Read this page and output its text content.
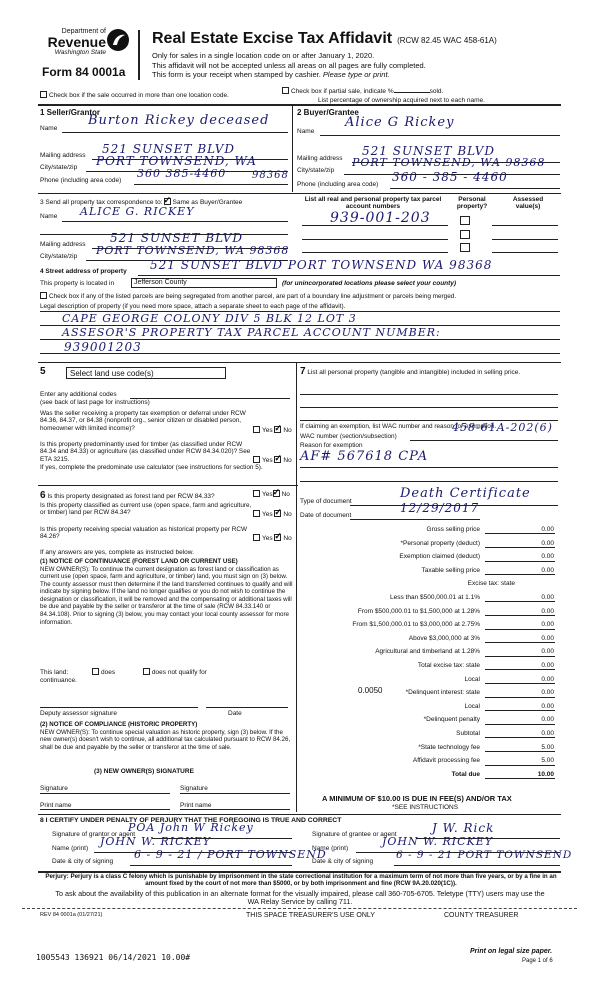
Department of
Revenue
Washington State
Form 84 0001a
Real Estate Excise Tax Affidavit (RCW 82.45 WAC 458-61A)
Only for sales in a single location code on or after January 1, 2020.
This affidavit will not be accepted unless all areas on all pages are fully completed.
This form is your receipt when stamped by cashier. Please type or print.
Check box if the sale occurred in more than one location code.
Check box if partial sale, indicate %	sold.
List percentage of ownership acquired next to each name.
1 Seller/Grantor
Name
Burton Rickey deceased
Mailing address 521 SUNSET BLVD
City/state/zip PORT TOWNSEND, WA
Phone (including area code)
360 385-4460	98368
2 Buyer/Grantee
Name
Alice G Rickey
Mailing address
521 SUNSET BLVD
City/state/zip
PORT TOWNSEND, WA 98368
Phone (including area code)
360 - 385 - 4460
3 Send all property tax correspondence to: ✓ Same as Buyer/Grantee
Name ALICE G. RICKEY
Mailing address 521 SUNSET BLVD
City/state/zip PORT TOWNSEND, WA 98368
List all real and personal property tax parcel account numbers
Personal property?
Assessed value(s)
939-001-203
4 Street address of property 521 SUNSET BLVD PORT TOWNSEND WA 98368
This property is located in	Jefferson County	(for unincorporated locations please select your county)
Check box if any of the listed parcels are being segregated from another parcel, are part of a boundary line adjustment or parcels being merged.
Legal description of property (if you need more space, attach a separate sheet to each page of the affidavit).
CAPE GEORGE COLONY DIV 5 BLK 12 LOT 3
ASSESOR'S PROPERTY TAX PARCEL ACCOUNT NUMBER:
939001203
5	Select land use code(s)
Enter any additional codes
(see back of last page for instructions)
Was the seller receiving a property tax exemption or deferral under RCW 84.36, 84.37, or 84.38 (nonprofit org., senior citizen or disabled person, homeowner with limited income)?	Yes ✓ No
Is this property predominantly used for timber (as classified under RCW 84.34 and 84.33) or agriculture (as classified under RCW 84.34.020)? See ETA 3215.	Yes ✓ No
If yes, complete the predominate use calculator (see instructions for section 5).
6 Is this property designated as forest land per RCW 84.33?	Yes ✓ No
Is this property classified as current use (open space, farm and agriculture, or timber) land per RCW 84.34?	Yes ✓ No
Is this property receiving special valuation as historical property per RCW 84.26?	Yes ✓ No
If any answers are yes, complete as instructed below.
(1) NOTICE OF CONTINUANCE (FOREST LAND OR CURRENT USE)
NEW OWNER(S): To continue the current designation as forest land or classification as current use (open space, farm and agriculture, or timber) land, you must sign on (3) below. The county assessor must then determine if the land transferred continues to qualify and will indicate by signing below. If the land no longer qualifies or you do not wish to continue the designation or classification, it will be removed and the compensating or additional taxes will be due and payable by the seller or transferor at the time of sale (RCW 84.33.140 or 84.34.108). Prior to signing (3) below, you may contact your local county assessor for more information.
This land:	does	does not qualify for
continuance.
Deputy assessor signature	Date
(2) NOTICE OF COMPLIANCE (HISTORIC PROPERTY)
NEW OWNER(S): To continue special valuation as historic property, sign (3) below. If the new owner(s) doesn't wish to continue, all additional tax calculated pursuant to RCW 84.26, shall be due and payable by the seller or transferor at the time of sale.
(3) NEW OWNER(S) SIGNATURE
Signature	Signature
Print name	Print name
7 List all personal property (tangible and intangible) included in selling price.
If claiming an exemption, list WAC number and reason for exemption.
WAC number (section/subsection)
458-61A-202(6)
Reason for exemption
AF# 567618 CPA
Type of document
Death Certificate
Date of document
12/29/2017
Gross selling price	0.00
*Personal property (deduct)	0.00
Exemption claimed (deduct)	0.00
Taxable selling price	0.00
Excise tax: state
Less than $500,000.01 at 1.1%	0.00
From $500,000.01 to $1,500,000 at 1.28%	0.00
From $1,500,000.01 to $3,000,000 at 2.75%	0.00
Above $3,000,000 at 3%	0.00
Agricultural and timberland at 1.28%	0.00
Total excise tax: state	0.00
Local	0.00
*Delinquent interest: state	0.00
Local	0.00
*Delinquent penalty	0.00
Subtotal	0.00
*State technology fee	5.00
Affidavit processing fee	5.00
Total due	10.00
0.0050
A MINIMUM OF $10.00 IS DUE IN FEE(S) AND/OR TAX
*SEE INSTRUCTIONS
8 I CERTIFY UNDER PENALTY OF PERJURY THAT THE FOREGOING IS TRUE AND CORRECT
Signature of grantor or agent
POA John W Rickey
Name (print)
JOHN W. RICKEY
Date & city of signing
6 - 9 - 21 / PORT TOWNSEND
Signature of grantee or agent	J W. Rick
Name (print)
JOHN W. RICKEY
Date & city of signing
6 - 9 - 21 PORT TOWNSEND
Perjury: Perjury is a class C felony which is punishable by imprisonment in the state correctional institution for a maximum term of not more than five years, or by a fine in an amount fixed by the court of not more than $5000, or by both imprisonment and fine (RCW 9A.20.020(1C)).
To ask about the availability of this publication in an alternate format for the visually impaired, please call 360-705-6705. Teletype (TTY) users may use the WA Relay Service by calling 711.
REV 84 0001a (01/27/21)	THIS SPACE TREASURER'S USE ONLY	COUNTY TREASURER
1005543 136921 06/14/2021 10.00#
Print on legal size paper.
Page 1 of 6
